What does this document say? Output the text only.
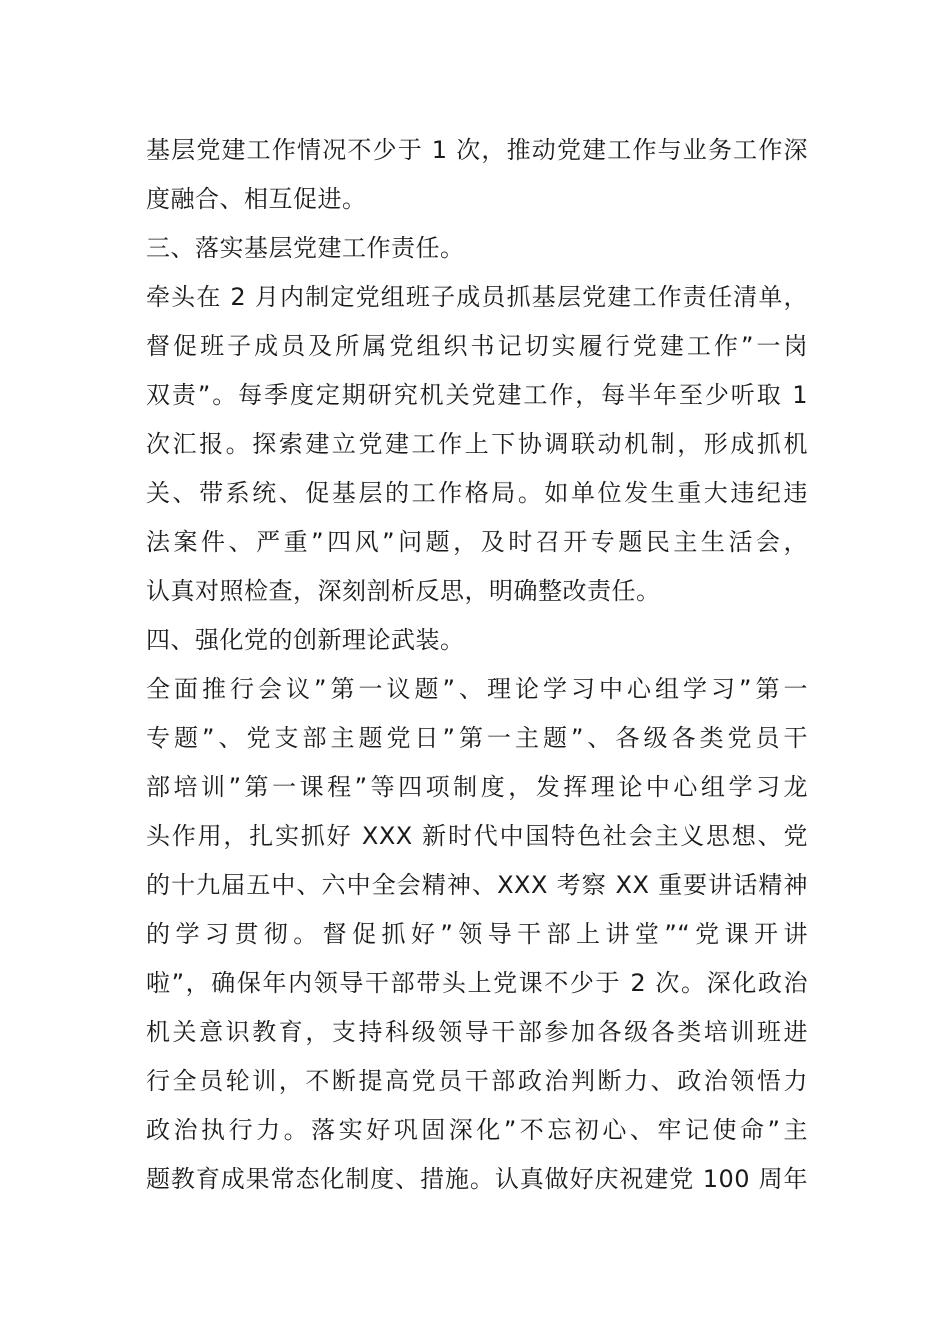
基层党建工作情况不少于 1 次，推动党建工作与业务工作深
度融合、相互促进。
三、落实基层党建工作责任。
牵头在 2 月内制定党组班子成员抓基层党建工作责任清单，
督促班子成员及所属党组织书记切实履行党建工作”一岗
双责”。每季度定期研究机关党建工作，每半年至少听取 1
次汇报。探索建立党建工作上下协调联动机制，形成抓机
关、带系统、促基层的工作格局。如单位发生重大违纪违
法案件、严重”四风”问题，及时召开专题民主生活会，
认真对照检查，深刻剖析反思，明确整改责任。
四、强化党的创新理论武装。
全面推行会议”第一议题”、理论学习中心组学习”第一
专题”、党支部主题党日”第一主题”、各级各类党员干
部培训”第一课程”等四项制度，发挥理论中心组学习龙
头作用，扎实抓好 XXX 新时代中国特色社会主义思想、党
的十九届五中、六中全会精神、XXX 考察 XX 重要讲话精神
的学习贯彻。督促抓好”领导干部上讲堂”“党课开讲
啦”，确保年内领导干部带头上党课不少于 2 次。深化政治
机关意识教育，支持科级领导干部参加各级各类培训班进
行全员轮训，不断提高党员干部政治判断力、政治领悟力
政治执行力。落实好巩固深化”不忘初心、牢记使命”主
题教育成果常态化制度、措施。认真做好庆祝建党 100 周年
